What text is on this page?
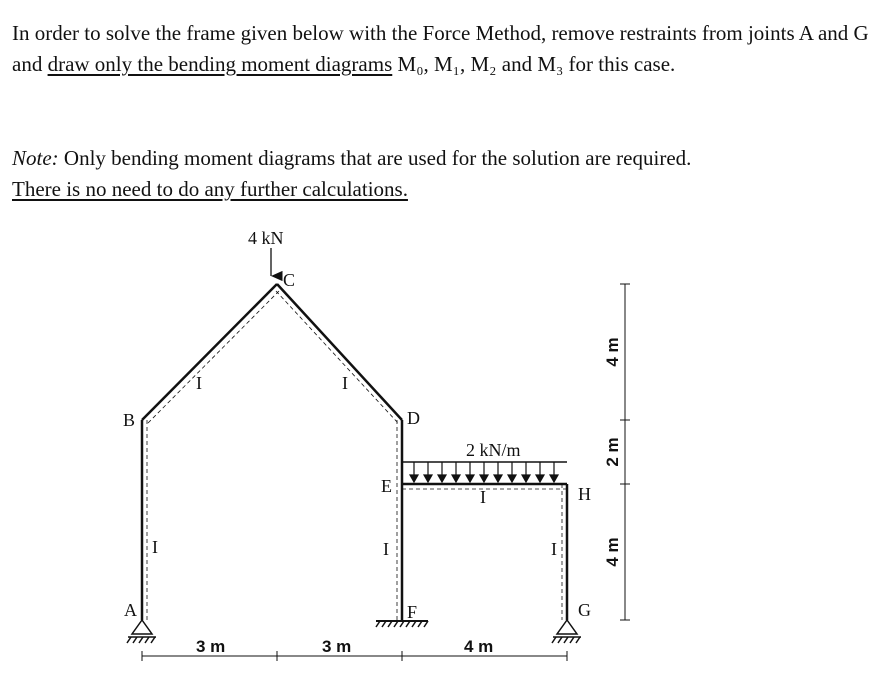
In order to solve the frame given below with the Force Method, remove restraints from joints A and G and draw only the bending moment diagrams M₀, M₁, M₂ and M₃ for this case.

Note: Only bending moment diagrams that are used for the solution are required.
There is no need to do any further calculations.

4 kN
2 kN/m
B
C
D
E
F
A	G
H
I	I
I	I
I
I
3 m	3 m	4 m
4 m
2 m
4 m
